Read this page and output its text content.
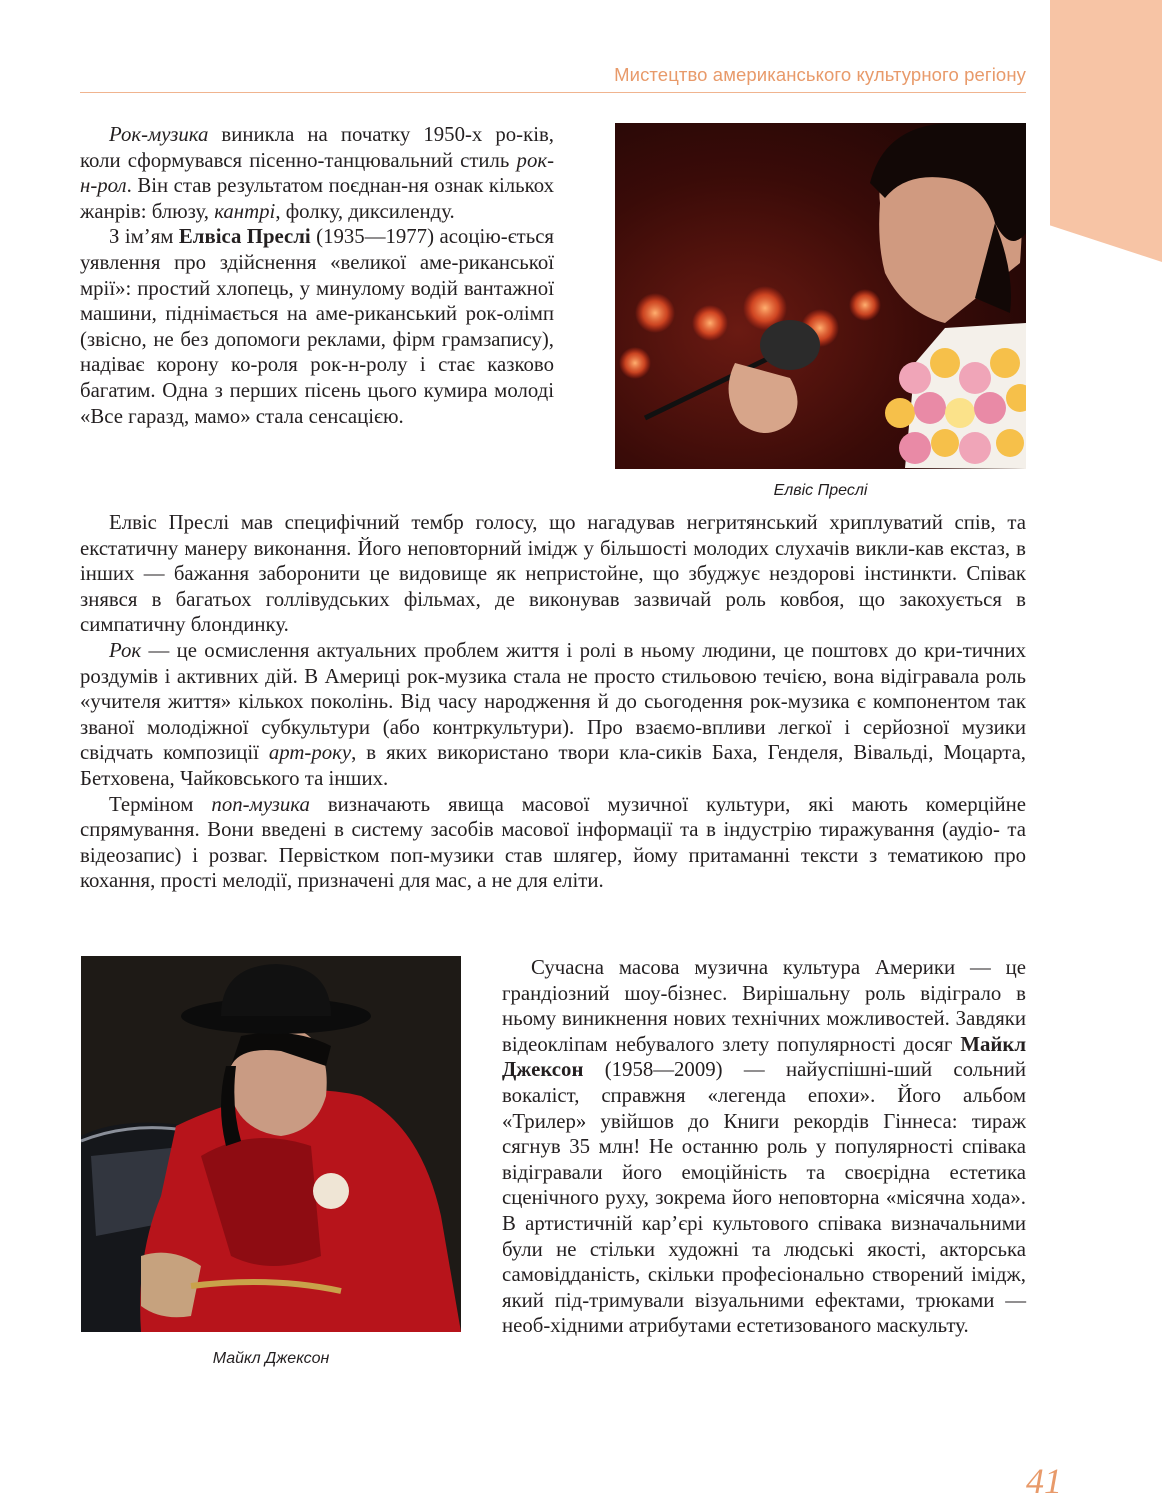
Мистецтво американського культурного регіону

Рок-музика виникла на початку 1950-х ро-ків, коли сформувався пісенно-танцювальний стиль рок-н-рол. Він став результатом поєднан-ня ознак кількох жанрів: блюзу, кантрі, фолку, диксиленду.

З ім’ям Елвіса Преслі (1935—1977) асоцію-ється уявлення про здійснення «великої аме-риканської мрії»: простий хлопець, у минулому водій вантажної машини, піднімається на аме-риканський рок-олімп (звісно, не без допомоги реклами, фірм грамзапису), надіває корону ко-роля рок-н-ролу і стає казково багатим. Одна з перших пісень цього кумира молоді «Все гаразд, мамо» стала сенсацією.

Елвіс Преслі

Елвіс Преслі мав специфічний тембр голосу, що нагадував негритянський хриплуватий спів, та екстатичну манеру виконання. Його неповторний імідж у більшості молодих слухачів викли-кав екстаз, в інших — бажання заборонити це видовище як непристойне, що збуджує нездорові інстинкти. Співак знявся в багатьох голлівудських фільмах, де виконував зазвичай роль ковбоя, що закохується в симпатичну блондинку.

Рок — це осмислення актуальних проблем життя і ролі в ньому людини, це поштовх до кри-тичних роздумів і активних дій. В Америці рок-музика стала не просто стильовою течією, вона відігравала роль «учителя життя» кількох поколінь. Від часу народження й до сьогодення рок-музика є компонентом так званої молодіжної субкультури (або контркультури). Про взаємо-впливи легкої і серйозної музики свідчать композиції арт-року, в яких використано твори кла-сиків Баха, Генделя, Вівальді, Моцарта, Бетховена, Чайковського та інших.

Терміном поп-музика визначають явища масової музичної культури, які мають комерційне спрямування. Вони введені в систему засобів масової інформації та в індустрію тиражування (аудіо- та відеозапис) і розваг. Первістком поп-музики став шлягер, йому притаманні тексти з тематикою про кохання, прості мелодії, призначені для мас, а не для еліти.

Майкл Джексон

Сучасна масова музична культура Америки — це грандіозний шоу-бізнес. Вирішальну роль відіграло в ньому виникнення нових технічних можливостей. Завдяки відеокліпам небувалого злету популярності досяг Майкл Джексон (1958—2009) — найуспішні-ший сольний вокаліст, справжня «легенда епохи». Його альбом «Трилер» увійшов до Книги рекордів Гіннеса: тираж сягнув 35 млн! Не останню роль у популярності співака відігравали його емоційність та своєрідна естетика сценічного руху, зокрема його неповторна «місячна хода». В артистичній кар’єрі культового співака визначальними були не стільки художні та людські якості, акторська самовідданість, скільки професіонально створений імідж, який під-тримували візуальними ефектами, трюками — необ-хідними атрибутами естетизованого маскульту.

41
